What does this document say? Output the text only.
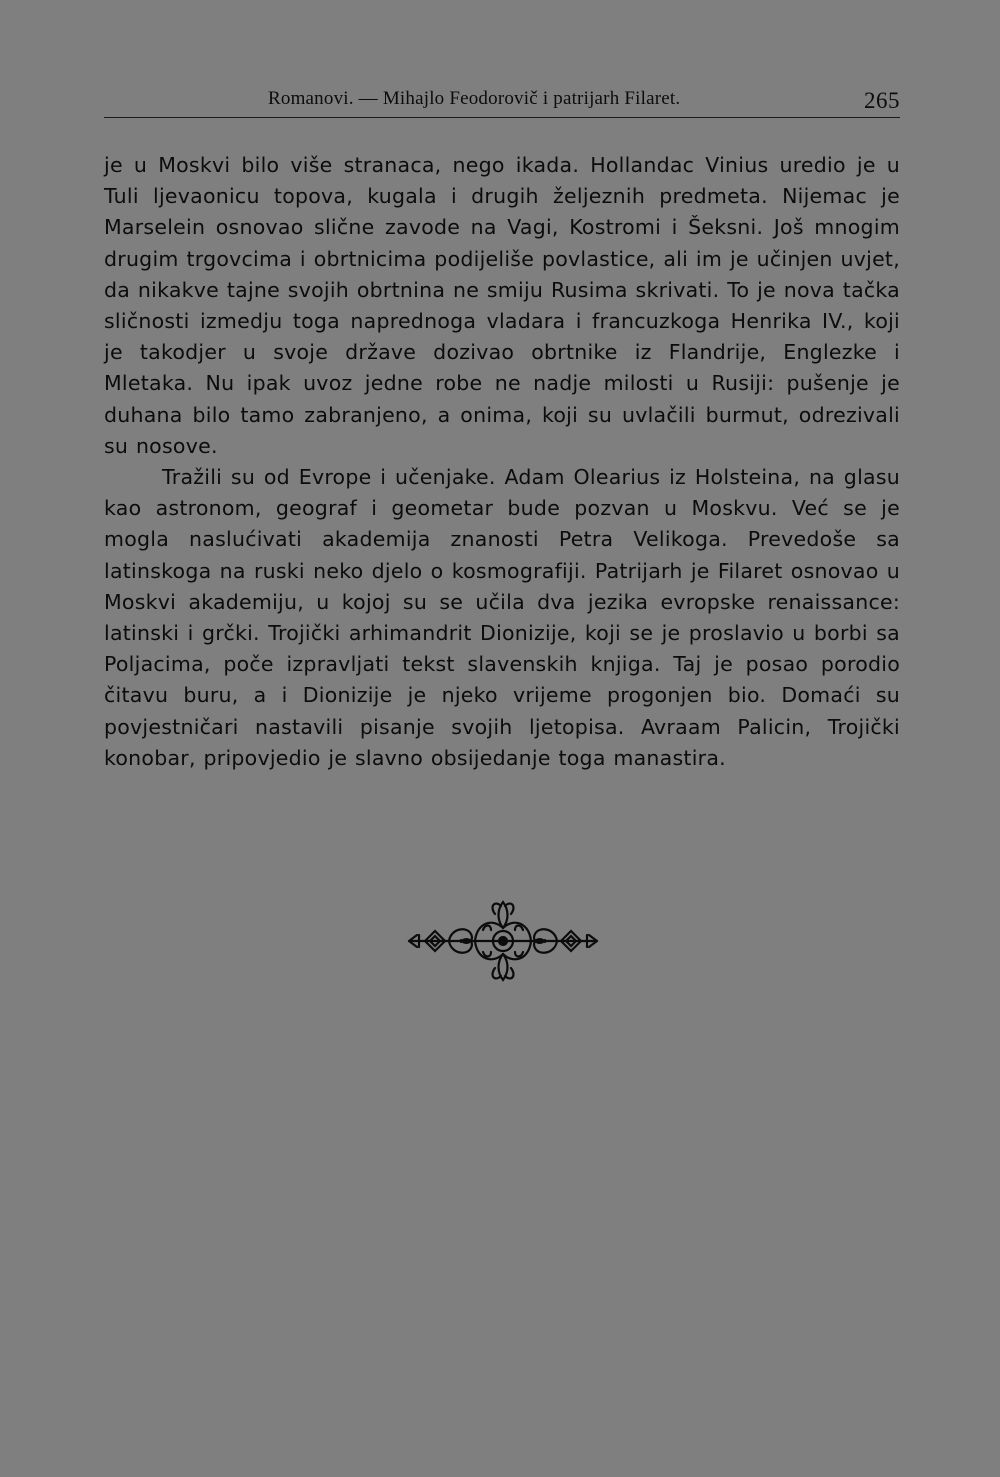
Romanovi. — Mihajlo Feodorovič i patrijarh Filaret.	265

je u Moskvi bilo više stranaca, nego ikada. Hollandac Vinius uredio je u Tuli ljevaonicu topova, kugala i drugih željeznih predmeta. Nijemac je Marselein osnovao slične zavode na Vagi, Kostromi i Šeksni. Još mnogim drugim trgovcima i obrtnicima podijeliše povlastice, ali im je učinjen uvjet, da nikakve tajne svojih obrtnina ne smiju Rusima skrivati. To je nova tačka sličnosti izmedju toga naprednoga vladara i francuzkoga Henrika IV., koji je takodjer u svoje države dozivao obrtnike iz Flandrije, Englezke i Mletaka. Nu ipak uvoz jedne robe ne nadje milosti u Rusiji: pušenje je duhana bilo tamo zabranjeno, a onima, koji su uvlačili burmut, odrezivali su nosove.

Tražili su od Evrope i učenjake. Adam Olearius iz Holsteina, na glasu kao astronom, geograf i geometar bude pozvan u Moskvu. Već se je mogla naslućivati akademija znanosti Petra Velikoga. Prevedoše sa latinskoga na ruski neko djelo o kosmografiji. Patrijarh je Filaret osnovao u Moskvi akademiju, u kojoj su se učila dva jezika evropske renaissance: latinski i grčki. Trojički arhimandrit Dionizije, koji se je proslavio u borbi sa Poljacima, poče izpravljati tekst slavenskih knjiga. Taj je posao porodio čitavu buru, a i Dionizije je njeko vrijeme progonjen bio. Domaći su povjestničari nastavili pisanje svojih ljetopisa. Avraam Palicin, Trojički konobar, pripovjedio je slavno obsijedanje toga manastira.
